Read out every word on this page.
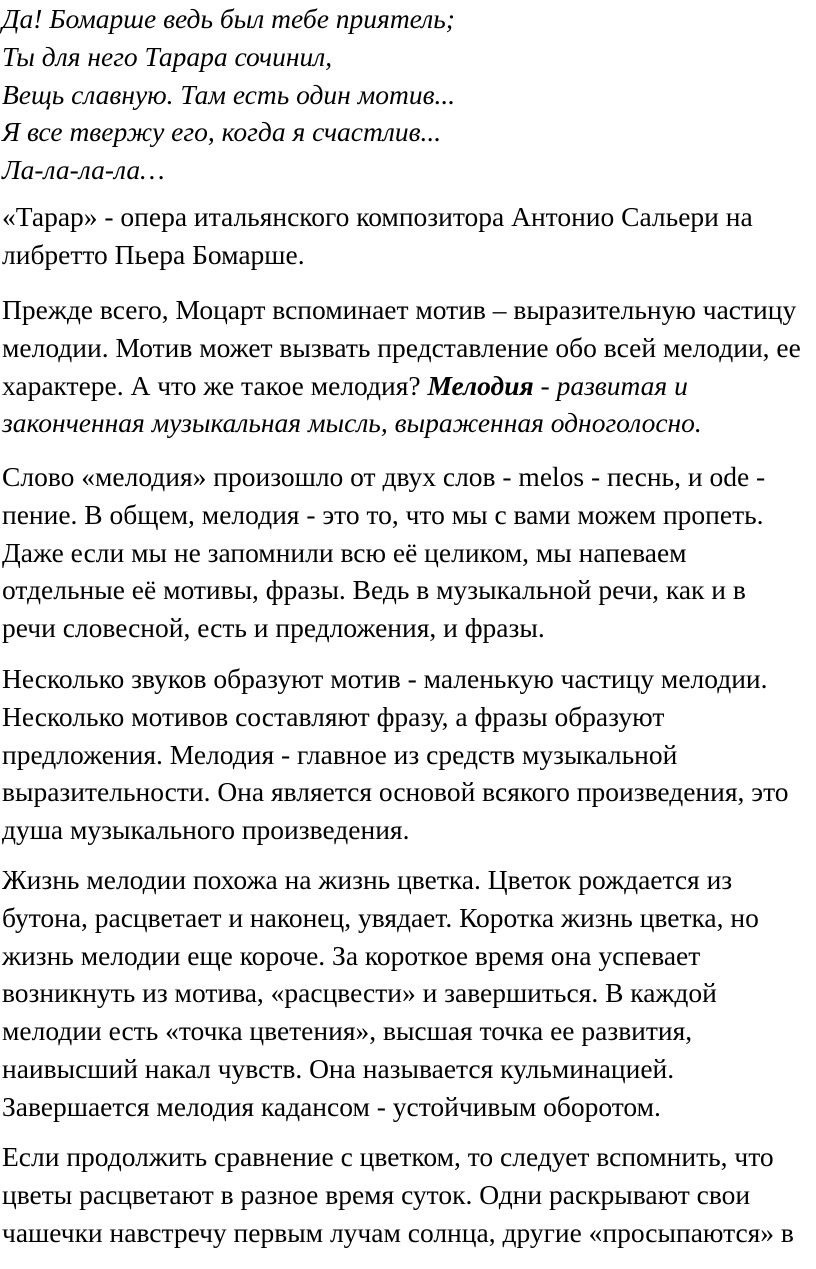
Да! Бомарше ведь был тебе приятель;
Ты для него Тарара сочинил,
Вещь славную. Там есть один мотив...
Я все твержу его, когда я счастлив...
Ла-ла-ла-ла…
«Тарар» - опера итальянского композитора Антонио Сальери на
либретто Пьера Бомарше.
Прежде всего, Моцарт вспоминает мотив – выразительную частицу
мелодии. Мотив может вызвать представление обо всей мелодии, ее
характере. А что же такое мелодия? Мелодия - развитая и
законченная музыкальная мысль, выраженная одноголосно.
Слово «мелодия» произошло от двух слов - melos - песнь, и ode -
пение. В общем, мелодия - это то, что мы с вами можем пропеть.
Даже если мы не запомнили всю её целиком, мы напеваем
отдельные её мотивы, фразы. Ведь в музыкальной речи, как и в
речи словесной, есть и предложения, и фразы.
Несколько звуков образуют мотив - маленькую частицу мелодии.
Несколько мотивов составляют фразу, а фразы образуют
предложения. Мелодия - главное из средств музыкальной
выразительности. Она является основой всякого произведения, это
душа музыкального произведения.
Жизнь мелодии похожа на жизнь цветка. Цветок рождается из
бутона, расцветает и наконец, увядает. Коротка жизнь цветка, но
жизнь мелодии еще короче. За короткое время она успевает
возникнуть из мотива, «расцвести» и завершиться. В каждой
мелодии есть «точка цветения», высшая точка ее развития,
наивысший накал чувств. Она называется кульминацией.
Завершается мелодия кадансом - устойчивым оборотом.
Если продолжить сравнение с цветком, то следует вспомнить, что
цветы расцветают в разное время суток. Одни раскрывают свои
чашечки навстречу первым лучам солнца, другие «просыпаются» в
